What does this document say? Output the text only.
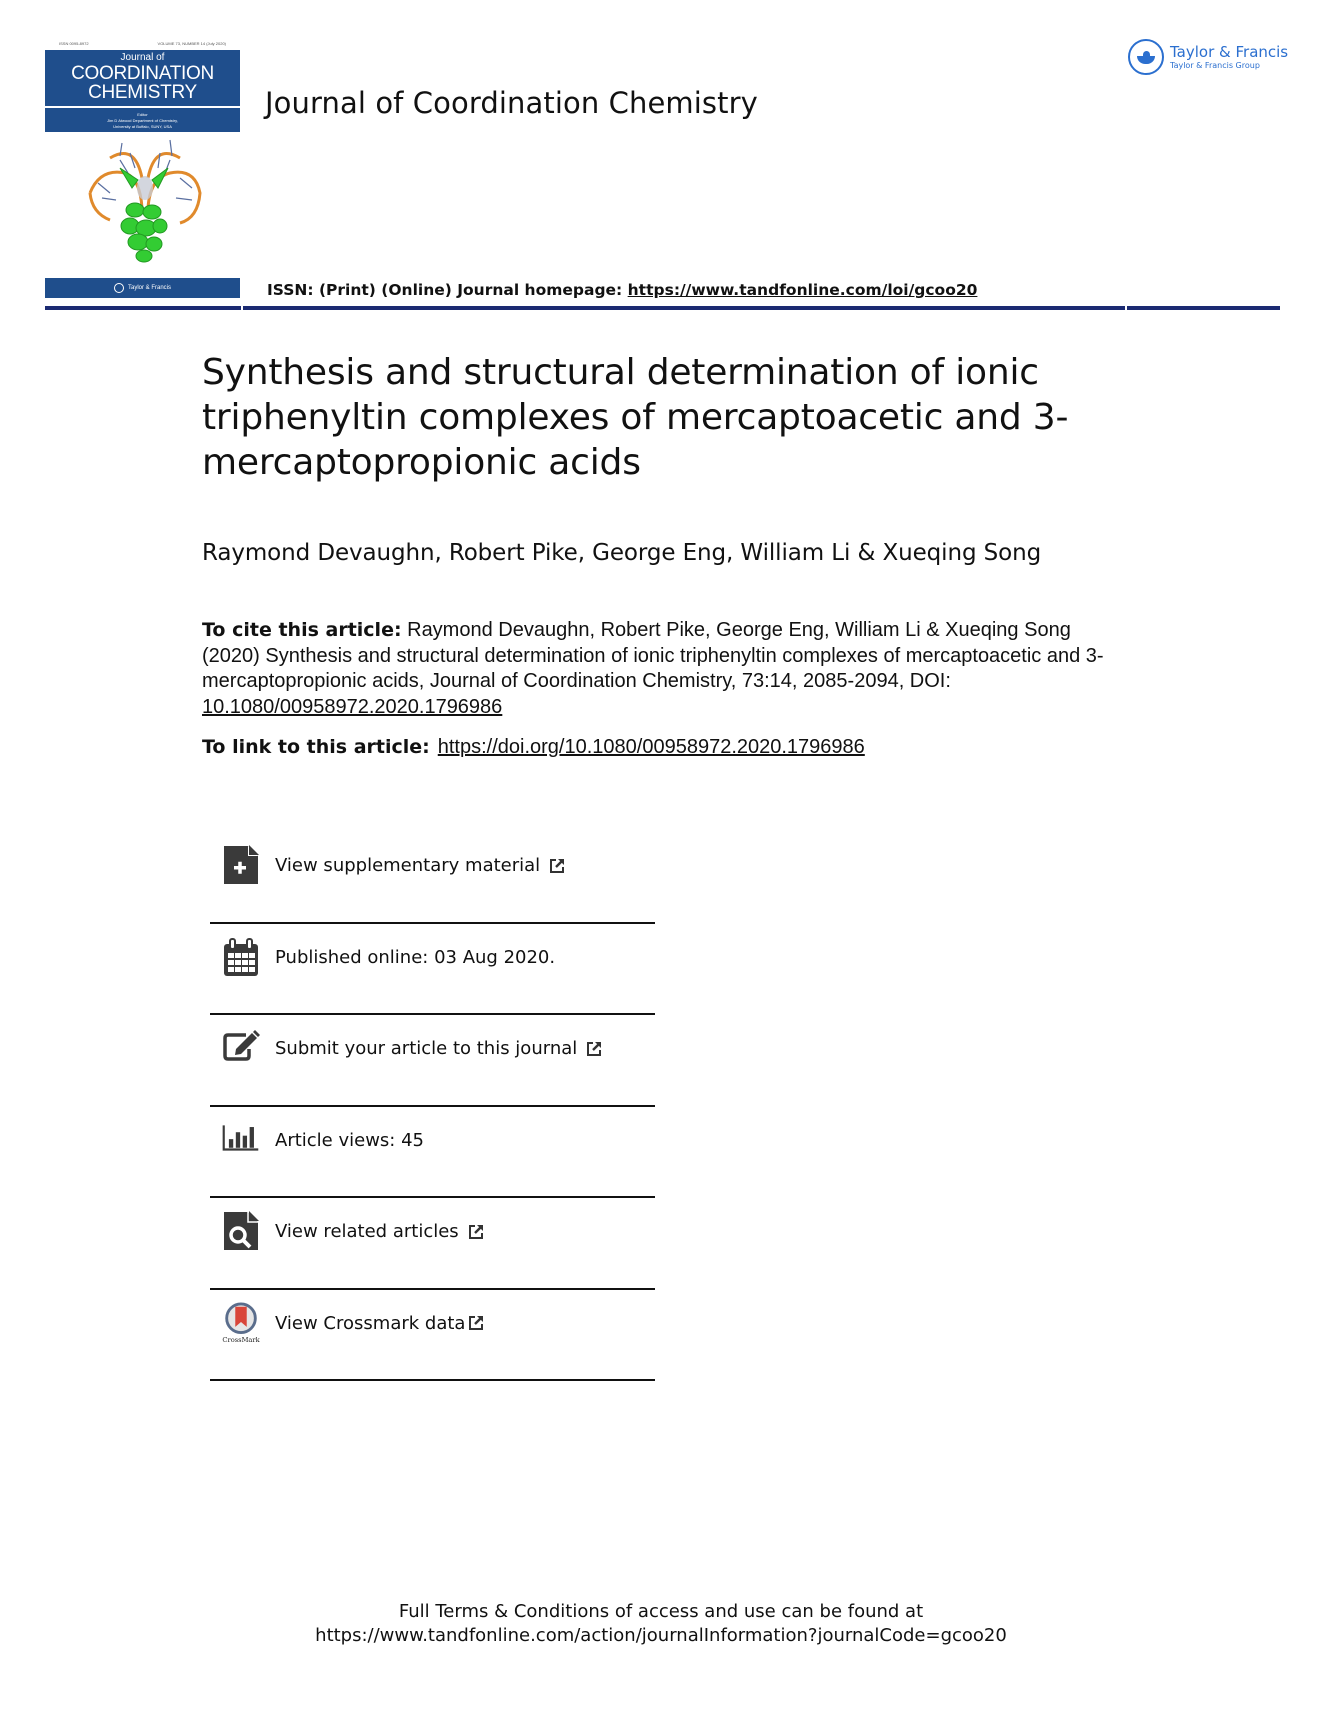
ISSN 0095-8972	VOLUME 73, NUMBER 14 (July 2020)
Journal of
COORDINATION
CHEMISTRY
Editor
Jim D Atwood Department of Chemistry,
University at Buffalo, SUNY, USA
Taylor & Francis
Journal of Coordination Chemistry
Taylor & Francis
Taylor & Francis Group
ISSN: (Print) (Online) Journal homepage: https://www.tandfonline.com/loi/gcoo20
Synthesis and structural determination of ionic
triphenyltin complexes of mercaptoacetic and 3-
mercaptopropionic acids
Raymond Devaughn, Robert Pike, George Eng, William Li & Xueqing Song
To cite this article: Raymond Devaughn, Robert Pike, George Eng, William Li & Xueqing Song (2020) Synthesis and structural determination of ionic triphenyltin complexes of mercaptoacetic and 3-mercaptopropionic acids, Journal of Coordination Chemistry, 73:14, 2085-2094, DOI: 10.1080/00958972.2020.1796986
To link to this article: https://doi.org/10.1080/00958972.2020.1796986
View supplementary material
Published online: 03 Aug 2020.
Submit your article to this journal
Article views: 45
View related articles
CrossMark
View Crossmark data
Full Terms & Conditions of access and use can be found at
https://www.tandfonline.com/action/journalInformation?journalCode=gcoo20
